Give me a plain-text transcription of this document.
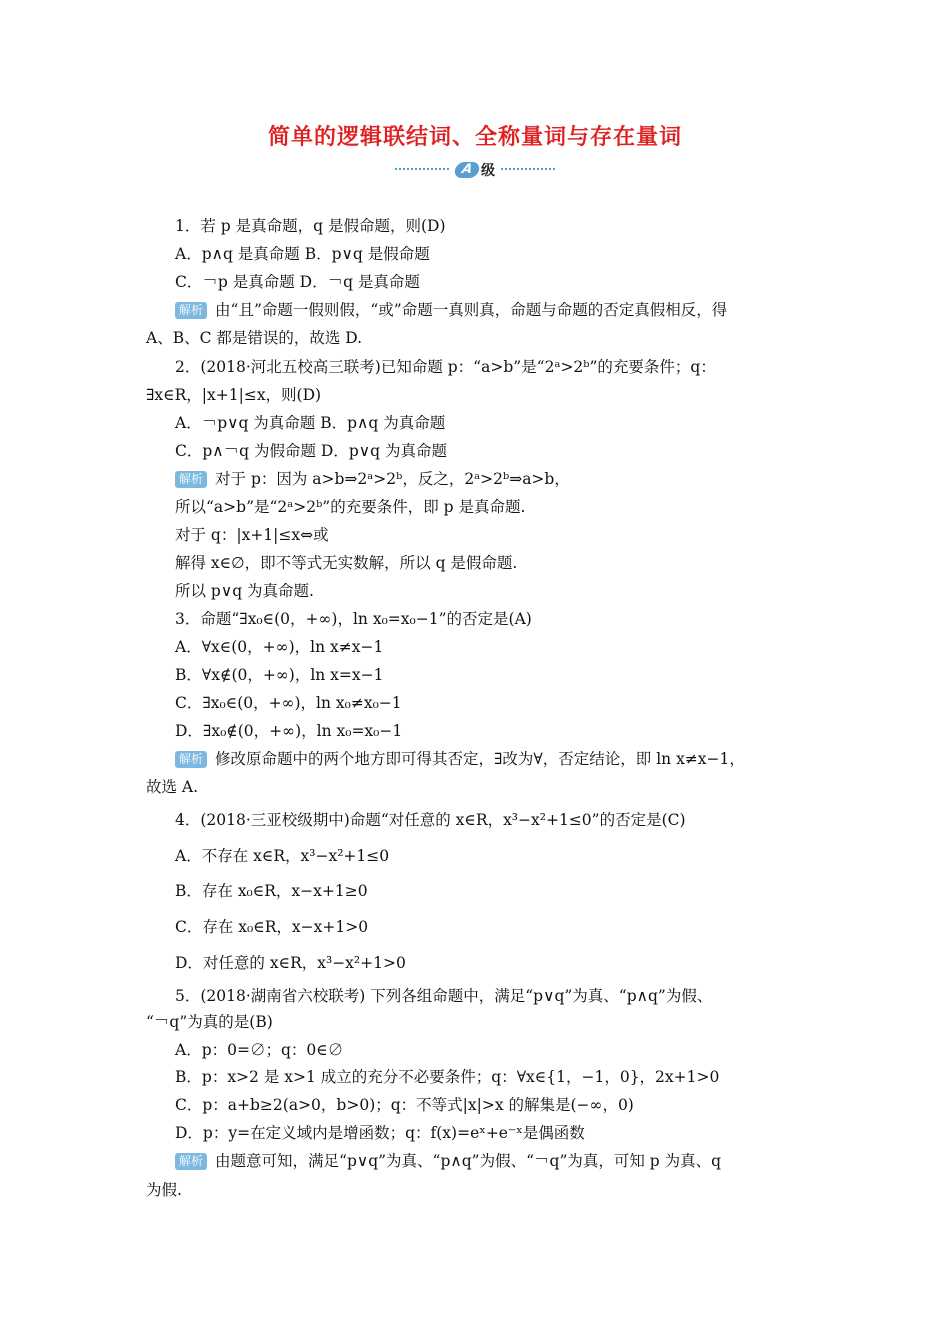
简单的逻辑联结词、全称量词与存在量词
A 级
1．若 p 是真命题，q 是假命题，则(D)
A．p∧q 是真命题 B．p∨q 是假命题
C．￢p 是真命题 D．￢q 是真命题
解析 由“且”命题一假则假，“或”命题一真则真，命题与命题的否定真假相反，得
A、B、C 都是错误的，故选 D.
2．(2018·河北五校高三联考)已知命题 p：“a>b”是“2ᵃ>2ᵇ”的充要条件；q：
∃x∈R，|x+1|≤x，则(D)
A．￢p∨q 为真命题 B．p∧q 为真命题
C．p∧￢q 为假命题 D．p∨q 为真命题
解析 对于 p：因为 a>b⇒2ᵃ>2ᵇ，反之，2ᵃ>2ᵇ⇒a>b，
所以“a>b”是“2ᵃ>2ᵇ”的充要条件，即 p 是真命题.
对于 q：|x+1|≤x⇔或
解得 x∈∅，即不等式无实数解，所以 q 是假命题.
所以 p∨q 为真命题.
3．命题“∃x₀∈(0，+∞)，ln x₀=x₀−1”的否定是(A)
A．∀x∈(0，+∞)，ln x≠x−1
B．∀x∉(0，+∞)，ln x=x−1
C．∃x₀∈(0，+∞)，ln x₀≠x₀−1
D．∃x₀∉(0，+∞)，ln x₀=x₀−1
解析 修改原命题中的两个地方即可得其否定，∃改为∀，否定结论，即 ln x≠x−1，
故选 A.
4．(2018·三亚校级期中)命题“对任意的 x∈R，x³−x²+1≤0”的否定是(C)
A．不存在 x∈R，x³−x²+1≤0
B．存在 x₀∈R，x−x+1≥0
C．存在 x₀∈R，x−x+1>0
D．对任意的 x∈R，x³−x²+1>0
5．(2018·湖南省六校联考) 下列各组命题中，满足“p∨q”为真、“p∧q”为假、
“￢q”为真的是(B)
A．p：0=∅；q：0∈∅
B．p：x>2 是 x>1 成立的充分不必要条件；q：∀x∈{1，−1，0}，2x+1>0
C．p：a+b≥2(a>0，b>0)；q：不等式|x|>x 的解集是(−∞，0)
D．p：y=在定义域内是增函数；q：f(x)=eˣ+e⁻ˣ是偶函数
解析 由题意可知，满足“p∨q”为真、“p∧q”为假、“￢q”为真，可知 p 为真、q
为假.
